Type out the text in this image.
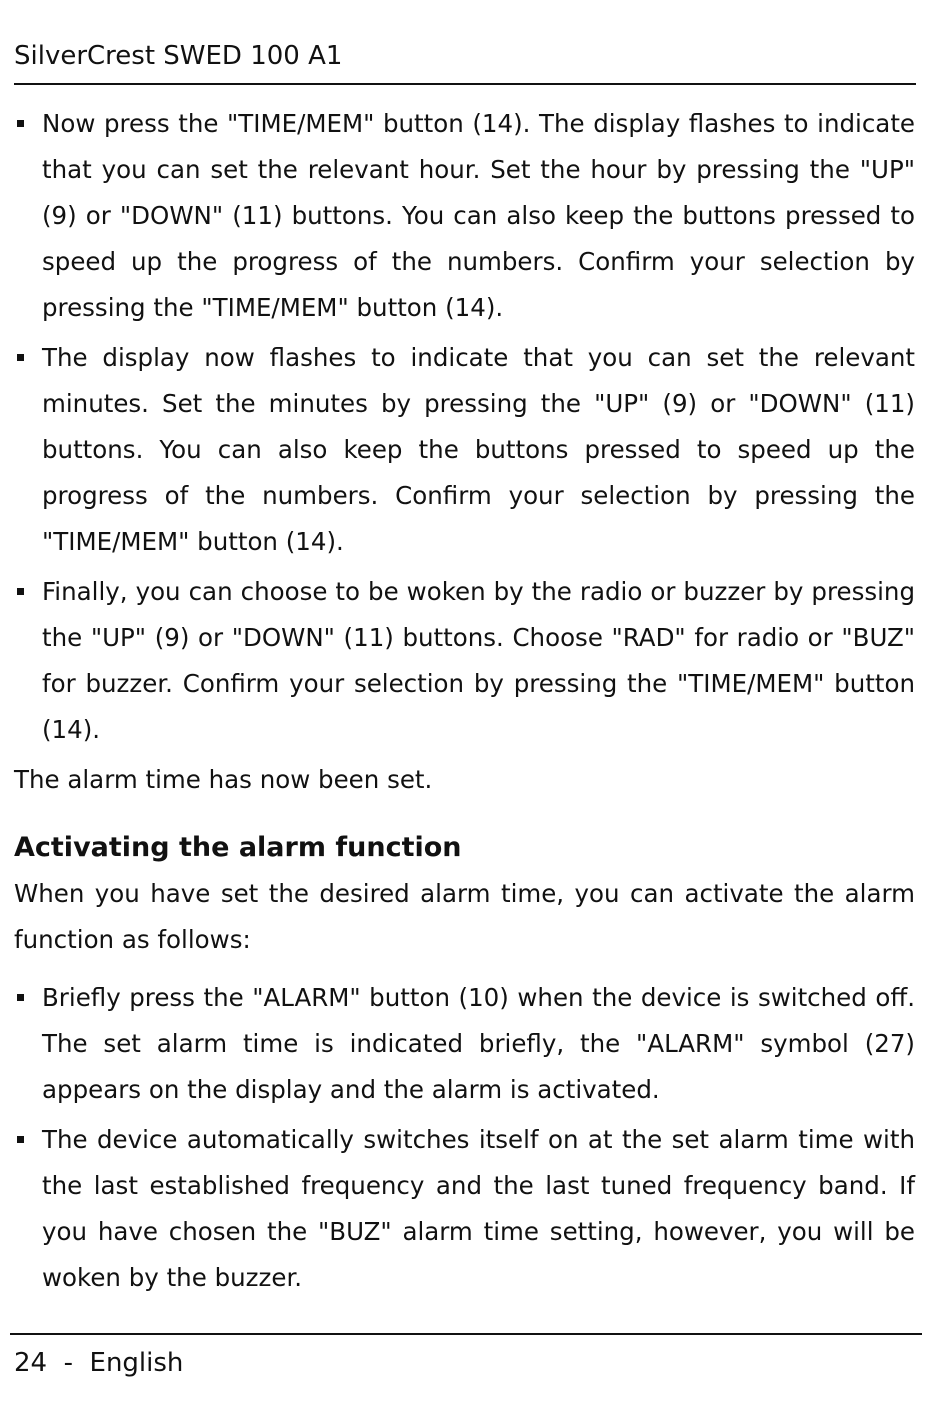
SilverCrest SWED 100 A1

Now press the "TIME/MEM" button (14). The display flashes to indicate that you can set the relevant hour. Set the hour by pressing the "UP" (9) or "DOWN" (11) buttons. You can also keep the buttons pressed to speed up the progress of the numbers. Confirm your selection by pressing the "TIME/MEM" button (14).

The display now flashes to indicate that you can set the relevant minutes. Set the minutes by pressing the "UP" (9) or "DOWN" (11) buttons. You can also keep the buttons pressed to speed up the progress of the numbers. Confirm your selection by pressing the "TIME/MEM" button (14).

Finally, you can choose to be woken by the radio or buzzer by pressing the "UP" (9) or "DOWN" (11) buttons. Choose "RAD" for radio or "BUZ" for buzzer. Confirm your selection by pressing the "TIME/MEM" button (14).

The alarm time has now been set.

Activating the alarm function

When you have set the desired alarm time, you can activate the alarm function as follows:

Briefly press the "ALARM" button (10) when the device is switched off. The set alarm time is indicated briefly, the "ALARM" symbol (27) appears on the display and the alarm is activated.

The device automatically switches itself on at the set alarm time with the last established frequency and the last tuned frequency band. If you have chosen the "BUZ" alarm time setting, however, you will be woken by the buzzer.

24  -  English
